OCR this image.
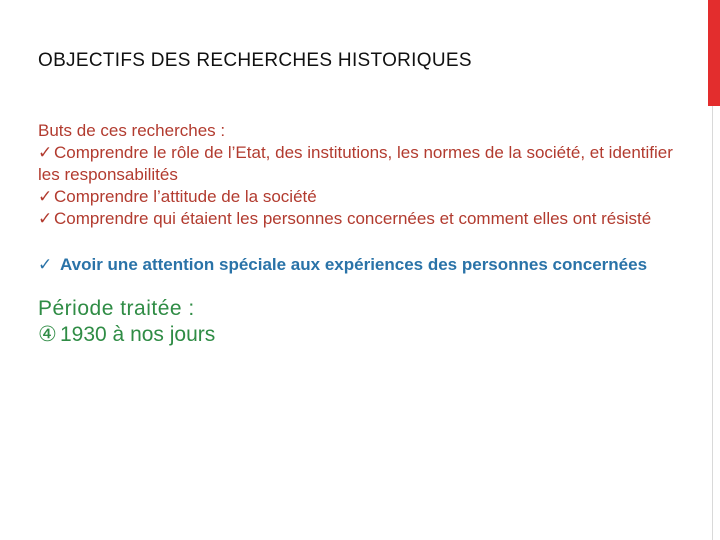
OBJECTIFS DES RECHERCHES HISTORIQUES

Buts de ces recherches :

✓ Comprendre le rôle de l’Etat, des institutions, les normes de la société, et identifier les responsabilités

✓ Comprendre l’attitude de la société

✓ Comprendre qui étaient les personnes concernées et comment elles ont résisté

✓ Avoir une attention spéciale aux expériences des personnes concernées
Période traitée :
④ 1930 à nos jours
